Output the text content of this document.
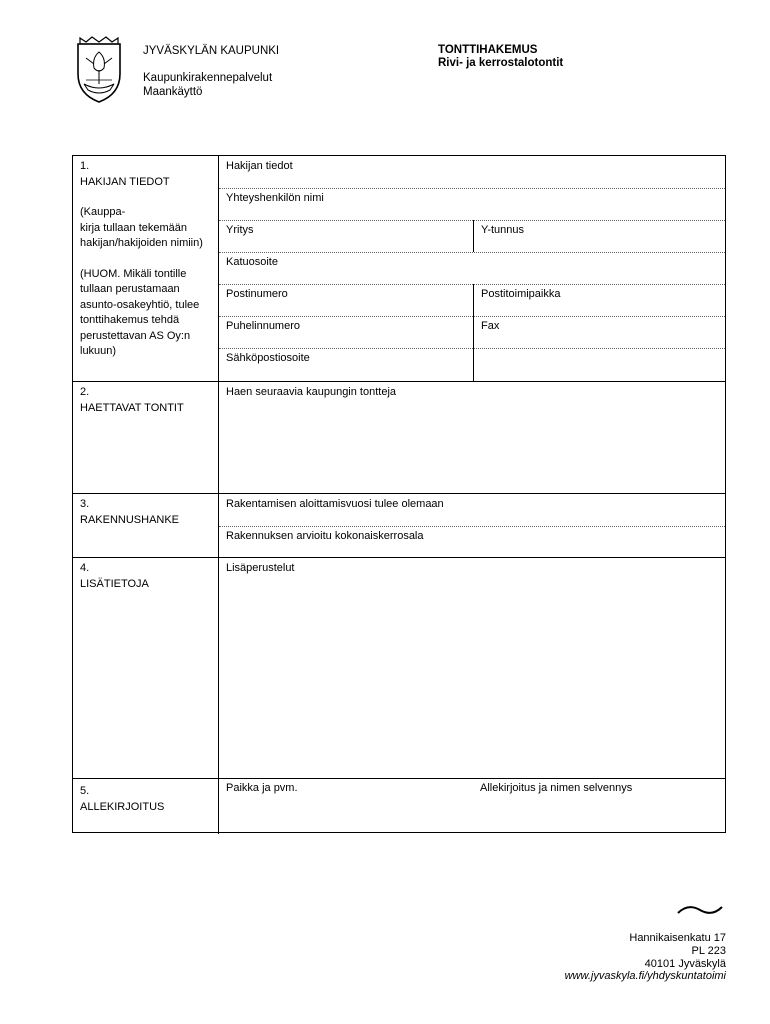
JYVÄSKYLÄN KAUPUNKI
Kaupunkirakennepalvelut
Maankäyttö
TONTTIHAKEMUS
Rivi- ja kerrostalotontit
1.
HAKIJAN TIEDOT
(Kauppa-
kirja tullaan tekemään
hakijan/hakijoiden nimiin)
(HUOM. Mikäli tontille
tullaan perustamaan
asunto-osakeyhtiö, tulee
tonttihakemus tehdä
perustettavan AS Oy:n
lukuun)
Hakijan tiedot
Yhteyshenkilön nimi
Yritys	Y-tunnus
Katuosoite
Postinumero	Postitoimipaikka
Puhelinnumero	Fax
Sähköpostiosoite
2.
HAETTAVAT TONTIT
Haen seuraavia kaupungin tontteja
3.
RAKENNUSHANKE
Rakentamisen aloittamisvuosi tulee olemaan
Rakennuksen arvioitu kokonaiskerrosala
4.
LISÄTIETOJA
Lisäperustelut
5.
ALLEKIRJOITUS
Paikka ja pvm.	Allekirjoitus ja nimen selvennys
Hannikaisenkatu 17
PL 223
40101 Jyväskylä
www.jyvaskyla.fi/yhdyskuntatoimi
